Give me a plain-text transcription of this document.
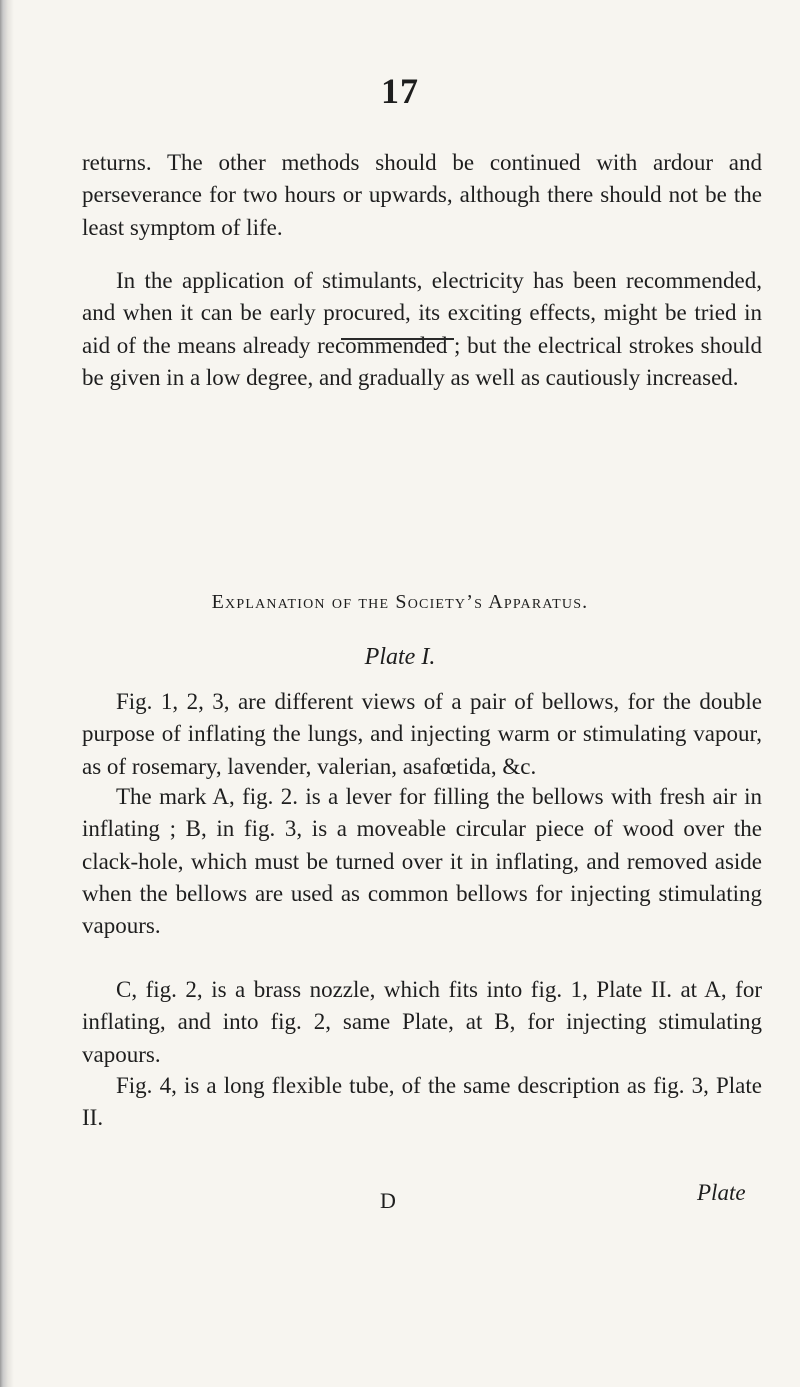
17

returns. The other methods should be continued with ardour and perseverance for two hours or upwards, although there should not be the least symptom of life.

In the application of stimulants, electricity has been recommended, and when it can be early procured, its exciting effects, might be tried in aid of the means already recommended ; but the electrical strokes should be given in a low degree, and gradually as well as cautiously increased.

Explanation of the Society’s Apparatus.
Plate I.

Fig. 1, 2, 3, are different views of a pair of bellows, for the double purpose of inflating the lungs, and injecting warm or stimulating vapour, as of rosemary, lavender, valerian, asafœtida, &c.

The mark A, fig. 2. is a lever for filling the bellows with fresh air in inflating ; B, in fig. 3, is a moveable circular piece of wood over the clack-hole, which must be turned over it in inflating, and removed aside when the bellows are used as common bellows for injecting stimulating vapours.

C, fig. 2, is a brass nozzle, which fits into fig. 1, Plate II. at A, for inflating, and into fig. 2, same Plate, at B, for injecting stimulating vapours.

Fig. 4, is a long flexible tube, of the same description as fig. 3, Plate II.

D	Plate
